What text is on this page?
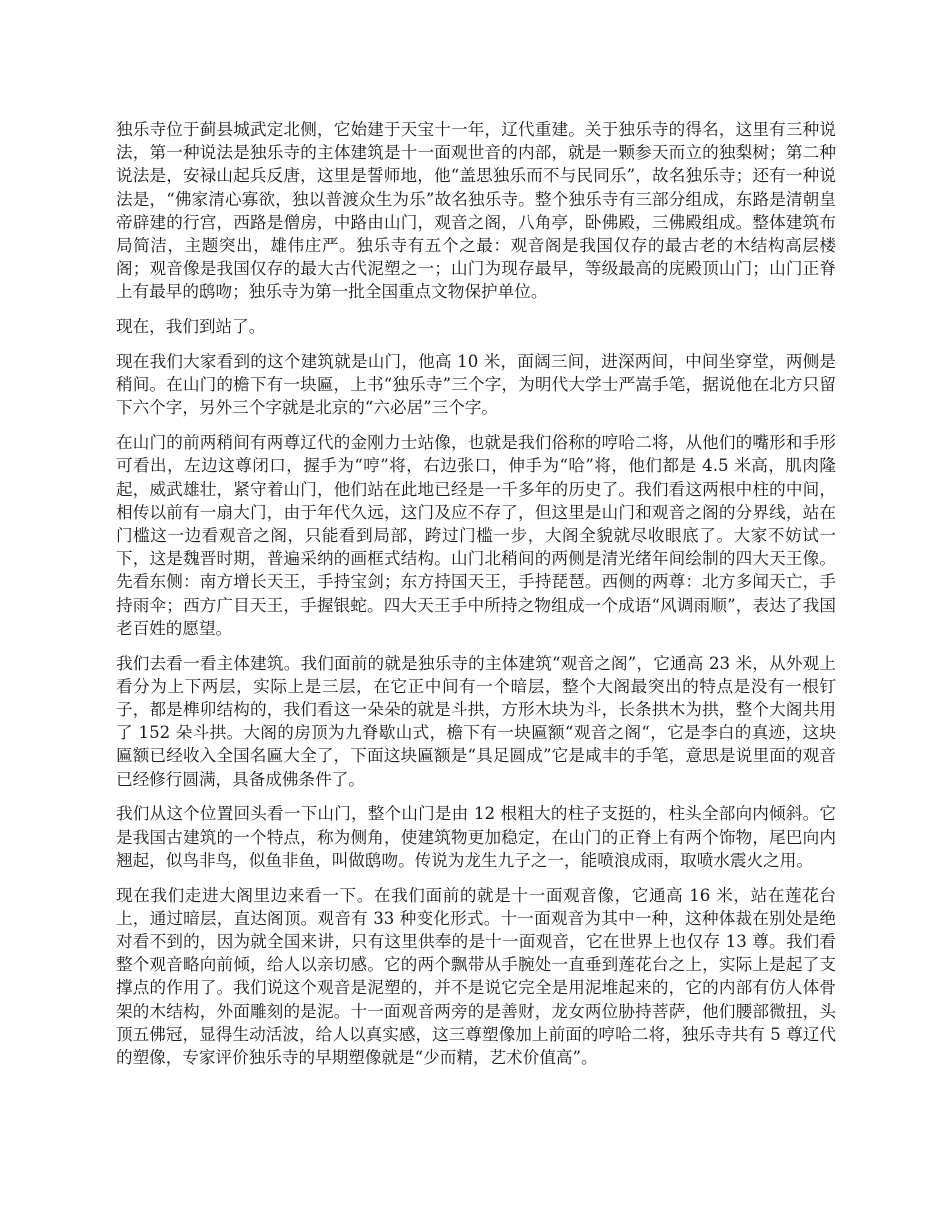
独乐寺位于蓟县城武定北侧，它始建于天宝十一年，辽代重建。关于独乐寺的得名，这里有三种说法，第一种说法是独乐寺的主体建筑是十一面观世音的内部，就是一颗参天而立的独梨树；第二种说法是，安禄山起兵反唐，这里是誓师地，他“盖思独乐而不与民同乐”，故名独乐寺；还有一种说法是，“佛家清心寡欲，独以普渡众生为乐”故名独乐寺。整个独乐寺有三部分组成，东路是清朝皇帝辟建的行宫，西路是僧房，中路由山门，观音之阁，八角亭，卧佛殿，三佛殿组成。整体建筑布局简洁，主题突出，雄伟庄严。独乐寺有五个之最：观音阁是我国仅存的最古老的木结构高层楼阁；观音像是我国仅存的最大古代泥塑之一；山门为现存最早，等级最高的庑殿顶山门；山门正脊上有最早的鸱吻；独乐寺为第一批全国重点文物保护单位。

现在，我们到站了。

现在我们大家看到的这个建筑就是山门，他高 10 米，面阔三间，进深两间，中间坐穿堂，两侧是稍间。在山门的檐下有一块匾，上书“独乐寺”三个字，为明代大学士严嵩手笔，据说他在北方只留下六个字，另外三个字就是北京的“六必居”三个字。

在山门的前两稍间有两尊辽代的金刚力士站像，也就是我们俗称的哼哈二将，从他们的嘴形和手形可看出，左边这尊闭口，握手为“哼”将，右边张口，伸手为“哈”将，他们都是 4.5 米高，肌肉隆起，威武雄壮，紧守着山门，他们站在此地已经是一千多年的历史了。我们看这两根中柱的中间，相传以前有一扇大门，由于年代久远，这门及应不存了，但这里是山门和观音之阁的分界线，站在门槛这一边看观音之阁，只能看到局部，跨过门槛一步，大阁全貌就尽收眼底了。大家不妨试一下，这是魏晋时期，普遍采纳的画框式结构。山门北稍间的两侧是清光绪年间绘制的四大天王像。先看东侧：南方增长天王，手持宝剑；东方持国天王，手持琵琶。西侧的两尊：北方多闻天亡，手持雨伞；西方广目天王，手握银蛇。四大天王手中所持之物组成一个成语“风调雨顺”，表达了我国老百姓的愿望。

我们去看一看主体建筑。我们面前的就是独乐寺的主体建筑“观音之阁”，它通高 23 米，从外观上看分为上下两层，实际上是三层，在它正中间有一个暗层，整个大阁最突出的特点是没有一根钉子，都是榫卯结构的，我们看这一朵朵的就是斗拱，方形木块为斗，长条拱木为拱，整个大阁共用了 152 朵斗拱。大阁的房顶为九脊歇山式，檐下有一块匾额“观音之阁“，它是李白的真迹，这块匾额已经收入全国名匾大全了，下面这块匾额是“具足圆成”它是咸丰的手笔，意思是说里面的观音已经修行圆满，具备成佛条件了。

我们从这个位置回头看一下山门，整个山门是由 12 根粗大的柱子支挺的，柱头全部向内倾斜。它是我国古建筑的一个特点，称为侧角，使建筑物更加稳定，在山门的正脊上有两个饰物，尾巴向内翘起，似鸟非鸟，似鱼非鱼，叫做鸱吻。传说为龙生九子之一，能喷浪成雨，取喷水震火之用。

现在我们走进大阁里边来看一下。在我们面前的就是十一面观音像，它通高 16 米，站在莲花台上，通过暗层，直达阁顶。观音有 33 种变化形式。十一面观音为其中一种，这种体裁在别处是绝对看不到的，因为就全国来讲，只有这里供奉的是十一面观音，它在世界上也仅存 13 尊。我们看整个观音略向前倾，给人以亲切感。它的两个飘带从手腕处一直垂到莲花台之上，实际上是起了支撑点的作用了。我们说这个观音是泥塑的，并不是说它完全是用泥堆起来的，它的内部有仿人体骨架的木结构，外面雕刻的是泥。十一面观音两旁的是善财，龙女两位胁持菩萨，他们腰部微扭，头顶五佛冠，显得生动活波，给人以真实感，这三尊塑像加上前面的哼哈二将，独乐寺共有 5 尊辽代的塑像，专家评价独乐寺的早期塑像就是“少而精，艺术价值高”。
